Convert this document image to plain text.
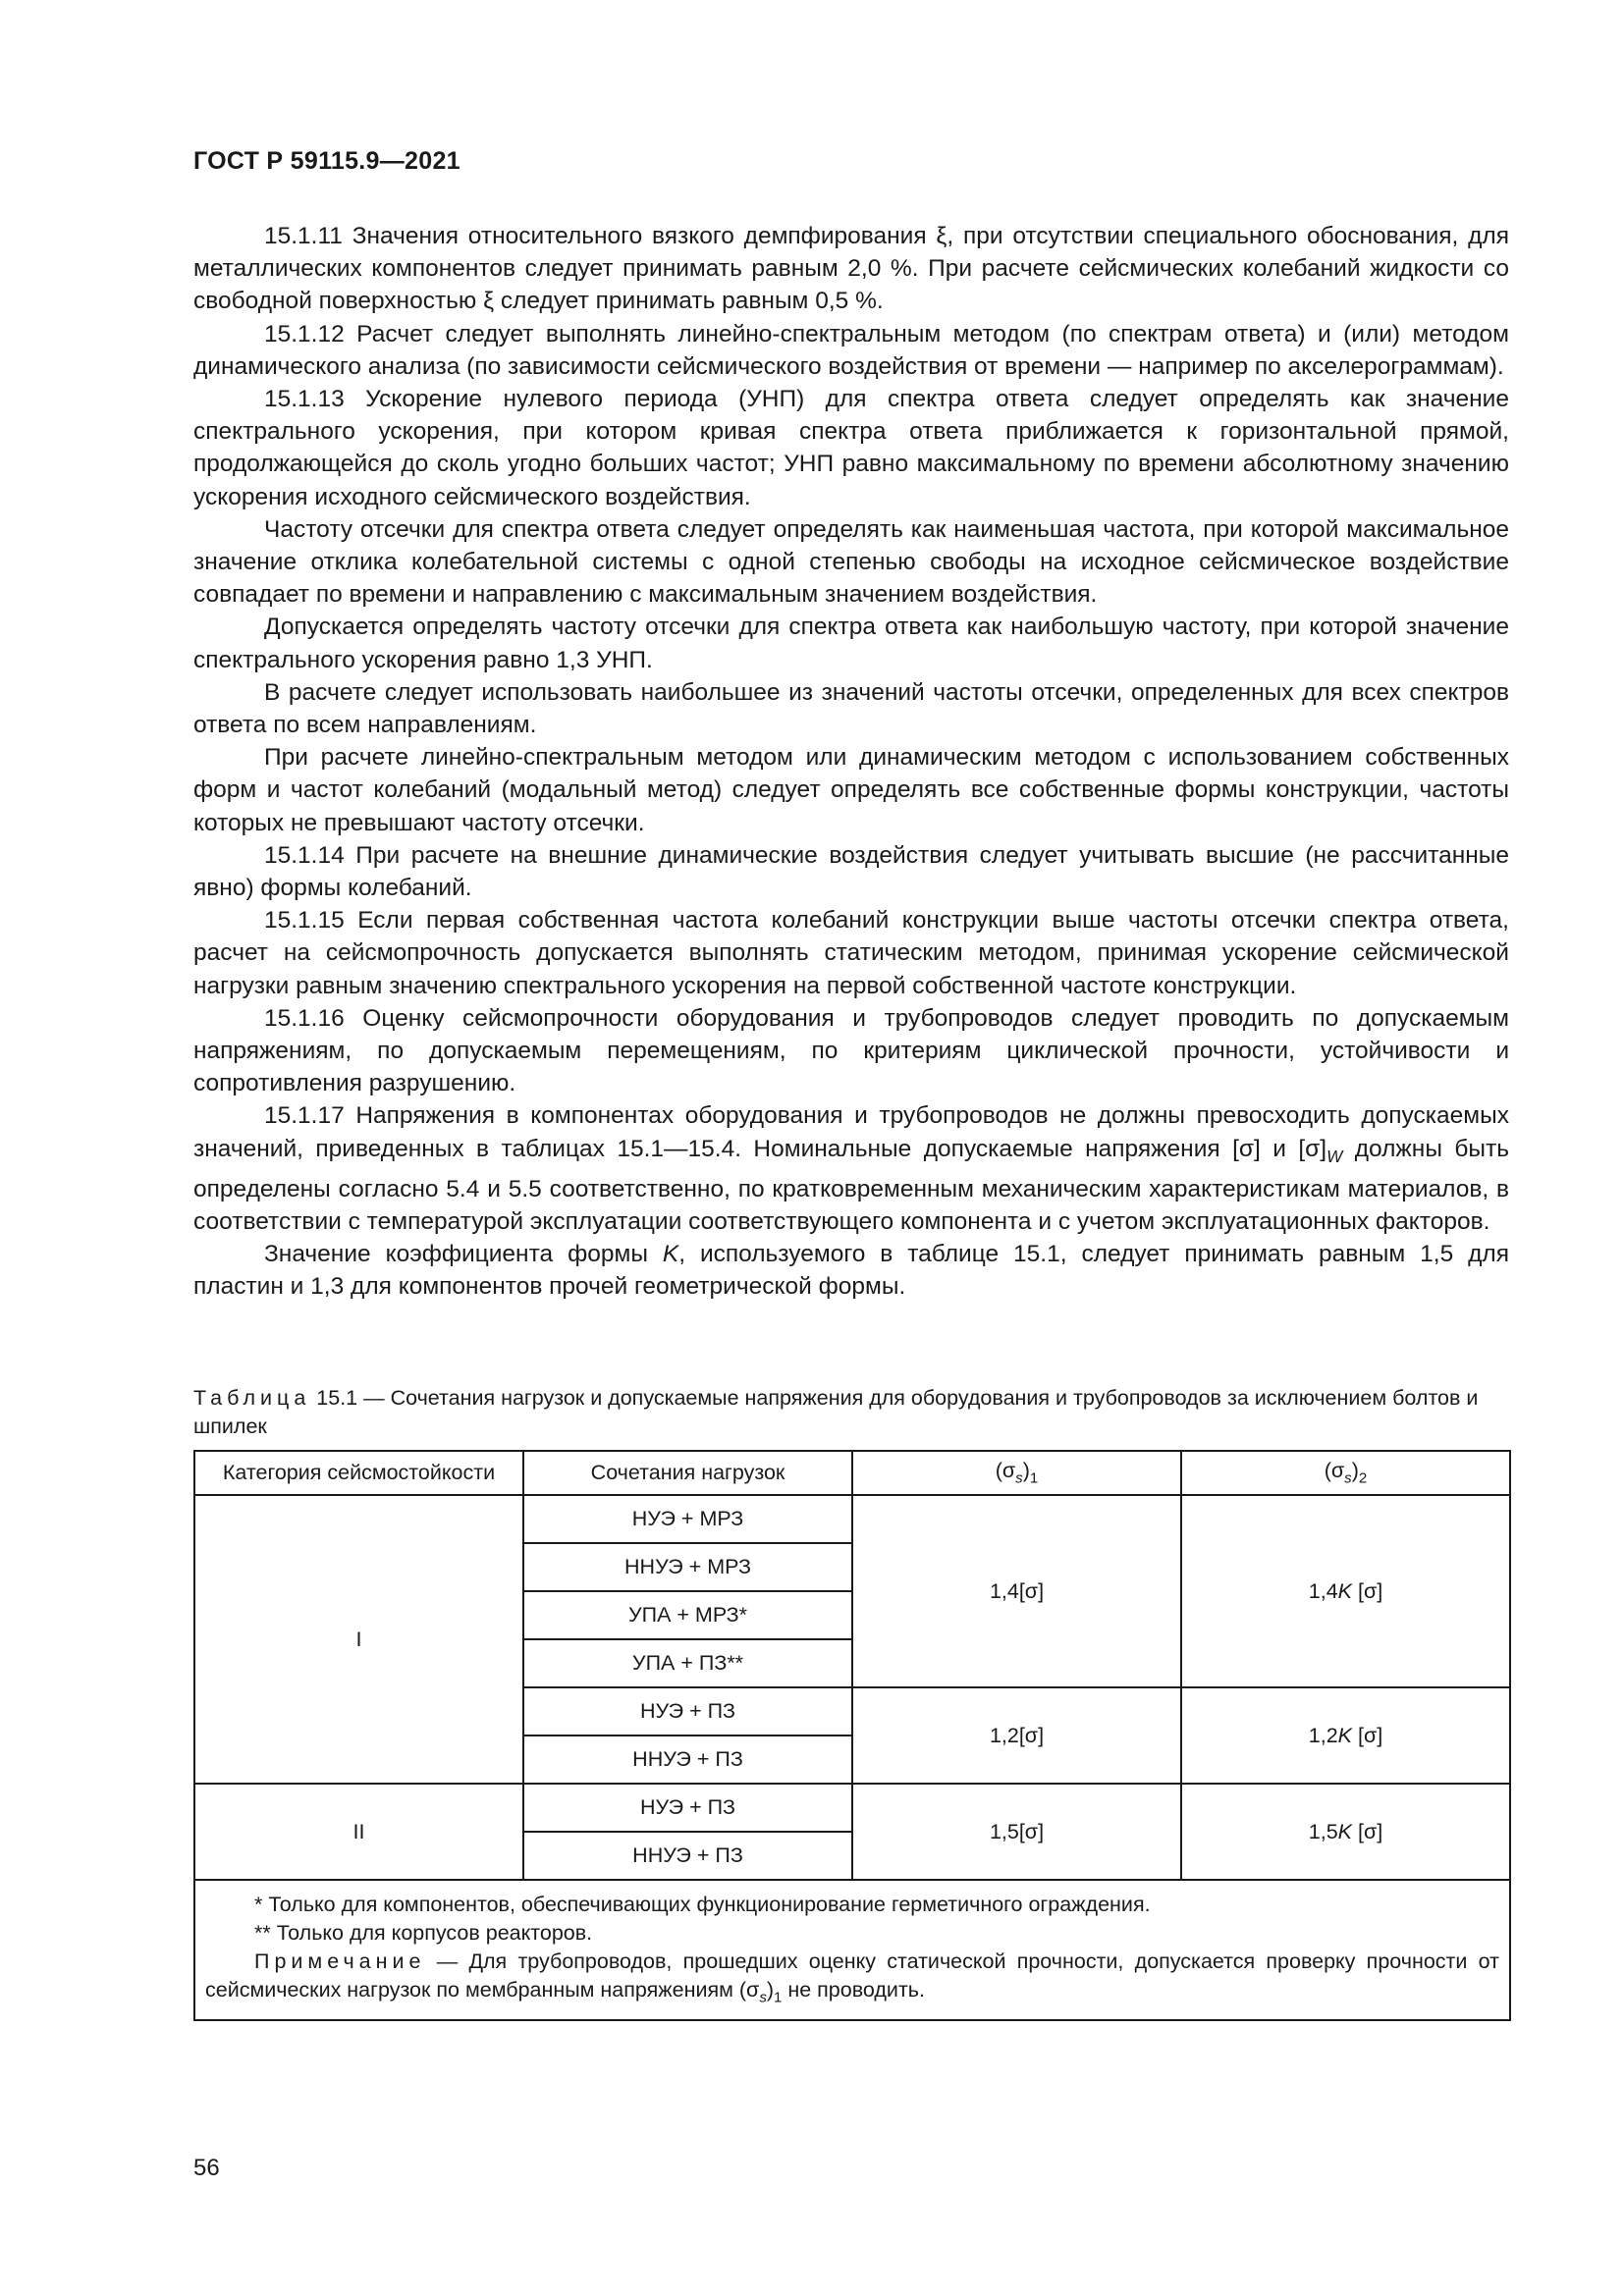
ГОСТ Р 59115.9—2021

15.1.11 Значения относительного вязкого демпфирования ξ, при отсутствии специального обоснования, для металлических компонентов следует принимать равным 2,0 %. При расчете сейсмических колебаний жидкости со свободной поверхностью ξ следует принимать равным 0,5 %.

15.1.12 Расчет следует выполнять линейно-спектральным методом (по спектрам ответа) и (или) методом динамического анализа (по зависимости сейсмического воздействия от времени — например по акселерограммам).

15.1.13 Ускорение нулевого периода (УНП) для спектра ответа следует определять как значение спектрального ускорения, при котором кривая спектра ответа приближается к горизонтальной прямой, продолжающейся до сколь угодно больших частот; УНП равно максимальному по времени абсолютному значению ускорения исходного сейсмического воздействия.

Частоту отсечки для спектра ответа следует определять как наименьшая частота, при которой максимальное значение отклика колебательной системы с одной степенью свободы на исходное сейсмическое воздействие совпадает по времени и направлению с максимальным значением воздействия.

Допускается определять частоту отсечки для спектра ответа как наибольшую частоту, при которой значение спектрального ускорения равно 1,3 УНП.

В расчете следует использовать наибольшее из значений частоты отсечки, определенных для всех спектров ответа по всем направлениям.

При расчете линейно-спектральным методом или динамическим методом с использованием собственных форм и частот колебаний (модальный метод) следует определять все собственные формы конструкции, частоты которых не превышают частоту отсечки.

15.1.14 При расчете на внешние динамические воздействия следует учитывать высшие (не рассчитанные явно) формы колебаний.

15.1.15 Если первая собственная частота колебаний конструкции выше частоты отсечки спектра ответа, расчет на сейсмопрочность допускается выполнять статическим методом, принимая ускорение сейсмической нагрузки равным значению спектрального ускорения на первой собственной частоте конструкции.

15.1.16 Оценку сейсмопрочности оборудования и трубопроводов следует проводить по допускаемым напряжениям, по допускаемым перемещениям, по критериям циклической прочности, устойчивости и сопротивления разрушению.

15.1.17 Напряжения в компонентах оборудования и трубопроводов не должны превосходить допускаемых значений, приведенных в таблицах 15.1—15.4. Номинальные допускаемые напряжения [σ] и $[\sigma]_W$ должны быть определены согласно 5.4 и 5.5 соответственно, по кратковременным механическим характеристикам материалов, в соответствии с температурой эксплуатации соответствующего компонента и с учетом эксплуатационных факторов.

Значение коэффициента формы K, используемого в таблице 15.1, следует принимать равным 1,5 для пластин и 1,3 для компонентов прочей геометрической формы.

Таблица 15.1 — Сочетания нагрузок и допускаемые напряжения для оборудования и трубопроводов за исключением болтов и шпилек
Категория сейсмостойкости	Сочетания нагрузок	$(\sigma_s)_1$	$(\sigma_s)_2$
I	НУЭ + МРЗ	1,4[σ]	1,4K [σ]
	ННУЭ + МРЗ		
	УПА + МРЗ*		
	УПА + ПЗ**		
	НУЭ + ПЗ	1,2[σ]	1,2K [σ]
	ННУЭ + ПЗ		
II	НУЭ + ПЗ	1,5[σ]	1,5K [σ]
	ННУЭ + ПЗ		

* Только для компонентов, обеспечивающих функционирование герметичного ограждения.

** Только для корпусов реакторов.

Примечание — Для трубопроводов, прошедших оценку статической прочности, допускается проверку прочности от сейсмических нагрузок по мембранным напряжениям $(\sigma_s)_1$ не проводить.			

56
